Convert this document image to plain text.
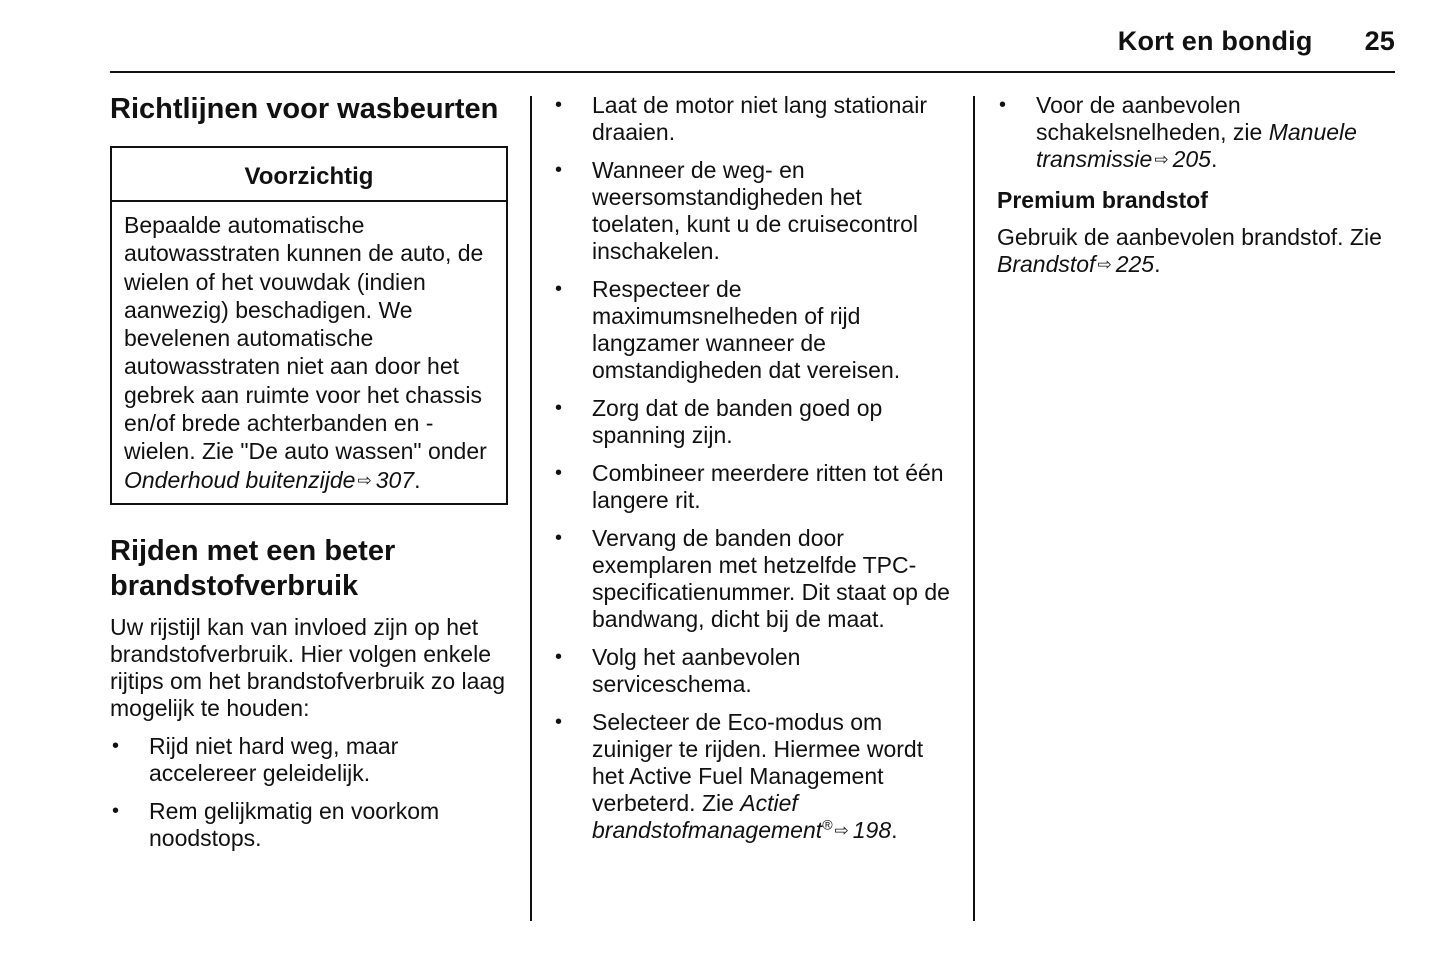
Kort en bondig 25
Richtlijnen voor wasbeurten
Voorzichtig
Bepaalde automatische autowasstraten kunnen de auto, de wielen of het vouwdak (indien aanwezig) beschadigen. We bevelenen automatische autowasstraten niet aan door het gebrek aan ruimte voor het chassis en/of brede achterbanden en -wielen. Zie "De auto wassen" onder Onderhoud buitenzijde ⇨ 307.
Rijden met een beter brandstofverbruik
Uw rijstijl kan van invloed zijn op het brandstofverbruik. Hier volgen enkele rijtips om het brandstofverbruik zo laag mogelijk te houden:
• Rijd niet hard weg, maar accelereer geleidelijk.
• Rem gelijkmatig en voorkom noodstops.
• Laat de motor niet lang stationair draaien.
• Wanneer de weg- en weersomstandigheden het toelaten, kunt u de cruisecontrol inschakelen.
• Respecteer de maximumsnelheden of rijd langzamer wanneer de omstandigheden dat vereisen.
• Zorg dat de banden goed op spanning zijn.
• Combineer meerdere ritten tot één langere rit.
• Vervang de banden door exemplaren met hetzelfde TPC-specificatienummer. Dit staat op de bandwang, dicht bij de maat.
• Volg het aanbevolen serviceschema.
• Selecteer de Eco-modus om zuiniger te rijden. Hiermee wordt het Active Fuel Management verbeterd. Zie Actief brandstofmanagement® ⇨ 198.
• Voor de aanbevolen schakelsnelheden, zie Manuele transmissie ⇨ 205.
Premium brandstof

Gebruik de aanbevolen brandstof. Zie Brandstof ⇨ 225.
